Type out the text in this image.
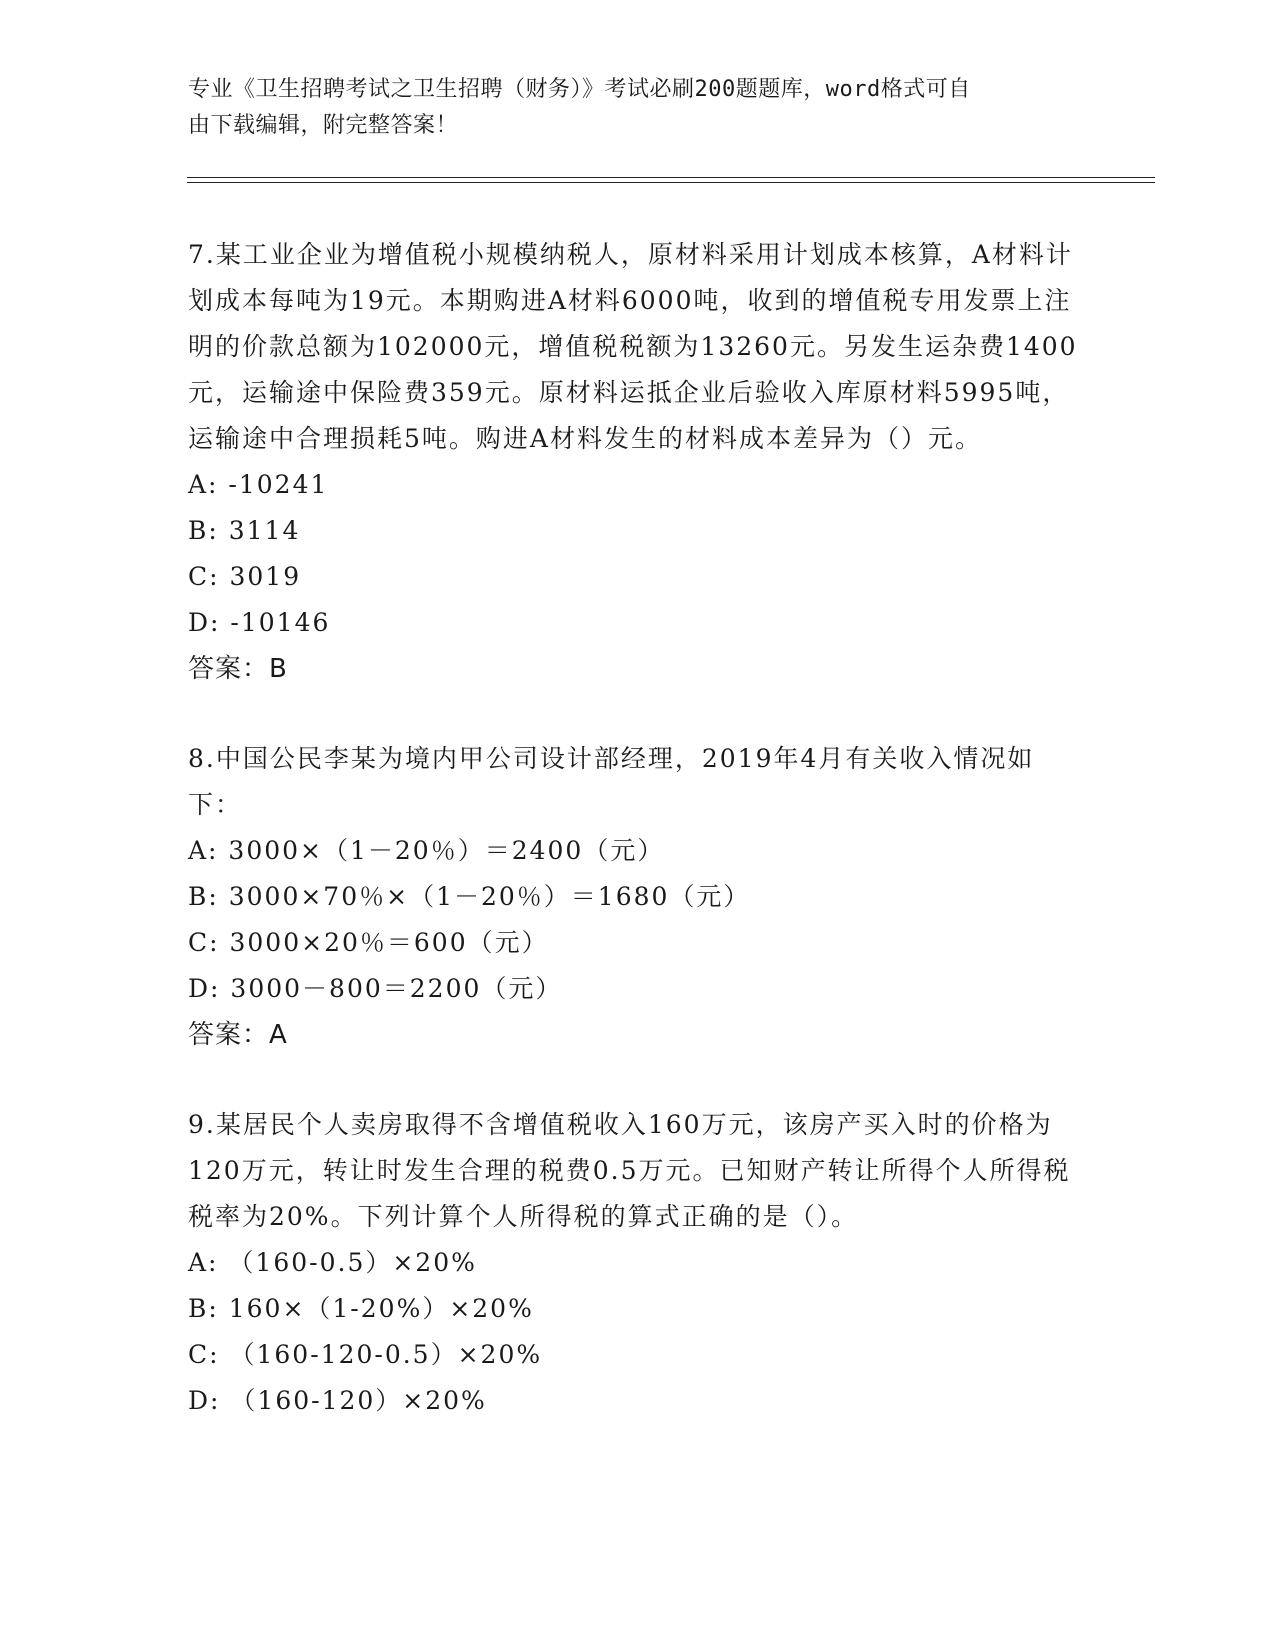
专业《卫生招聘考试之卫生招聘（财务）》考试必刷200题题库，word格式可自
由下载编辑，附完整答案！

7.某工业企业为增值税小规模纳税人，原材料采用计划成本核算，A材料计划成本每吨为19元。本期购进A材料6000吨，收到的增值税专用发票上注明的价款总额为102000元，增值税税额为13260元。另发生运杂费1400元，运输途中保险费359元。原材料运抵企业后验收入库原材料5995吨，运输途中合理损耗5吨。购进A材料发生的材料成本差异为（）元。

A: -10241

B: 3114

C: 3019

D: -10146

答案：B

8.中国公民李某为境内甲公司设计部经理，2019年4月有关收入情况如下：

A: 3000×（1－20％）＝2400（元）

B: 3000×70％×（1－20％）＝1680（元）

C: 3000×20％＝600（元）

D: 3000－800＝2200（元）

答案：A

9.某居民个人卖房取得不含增值税收入160万元，该房产买入时的价格为120万元，转让时发生合理的税费0.5万元。已知财产转让所得个人所得税税率为20%。下列计算个人所得税的算式正确的是（）。

A: （160-0.5）×20%

B: 160×（1-20%）×20%

C: （160-120-0.5）×20%

D: （160-120）×20%
